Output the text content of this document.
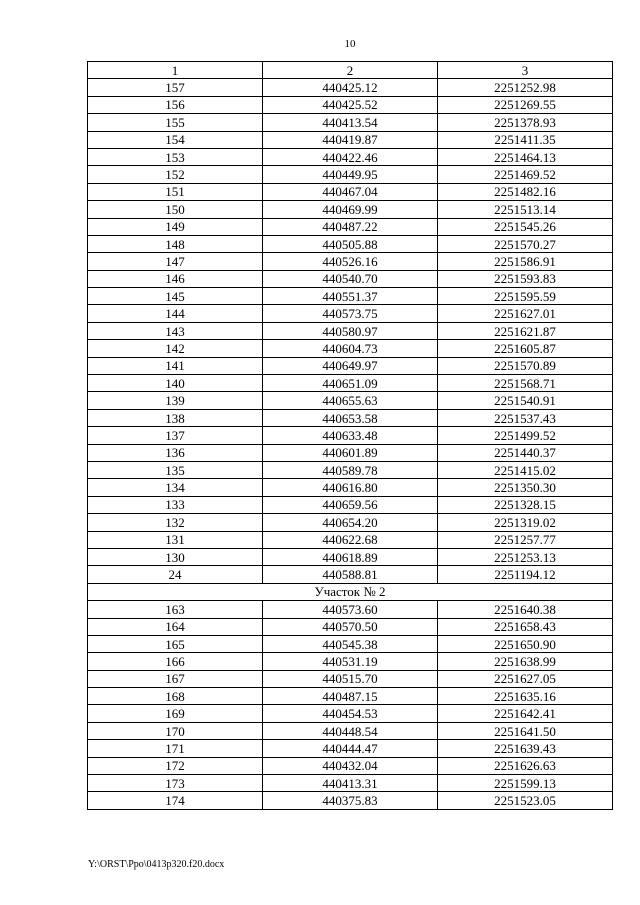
10
1	2	3
157	440425.12	2251252.98
156	440425.52	2251269.55
155	440413.54	2251378.93
154	440419.87	2251411.35
153	440422.46	2251464.13
152	440449.95	2251469.52
151	440467.04	2251482.16
150	440469.99	2251513.14
149	440487.22	2251545.26
148	440505.88	2251570.27
147	440526.16	2251586.91
146	440540.70	2251593.83
145	440551.37	2251595.59
144	440573.75	2251627.01
143	440580.97	2251621.87
142	440604.73	2251605.87
141	440649.97	2251570.89
140	440651.09	2251568.71
139	440655.63	2251540.91
138	440653.58	2251537.43
137	440633.48	2251499.52
136	440601.89	2251440.37
135	440589.78	2251415.02
134	440616.80	2251350.30
133	440659.56	2251328.15
132	440654.20	2251319.02
131	440622.68	2251257.77
130	440618.89	2251253.13
24	440588.81	2251194.12
Участок № 2		
163	440573.60	2251640.38
164	440570.50	2251658.43
165	440545.38	2251650.90
166	440531.19	2251638.99
167	440515.70	2251627.05
168	440487.15	2251635.16
169	440454.53	2251642.41
170	440448.54	2251641.50
171	440444.47	2251639.43
172	440432.04	2251626.63
173	440413.31	2251599.13
174	440375.83	2251523.05
Y:\ORST\Ppo\0413p320.f20.docx
